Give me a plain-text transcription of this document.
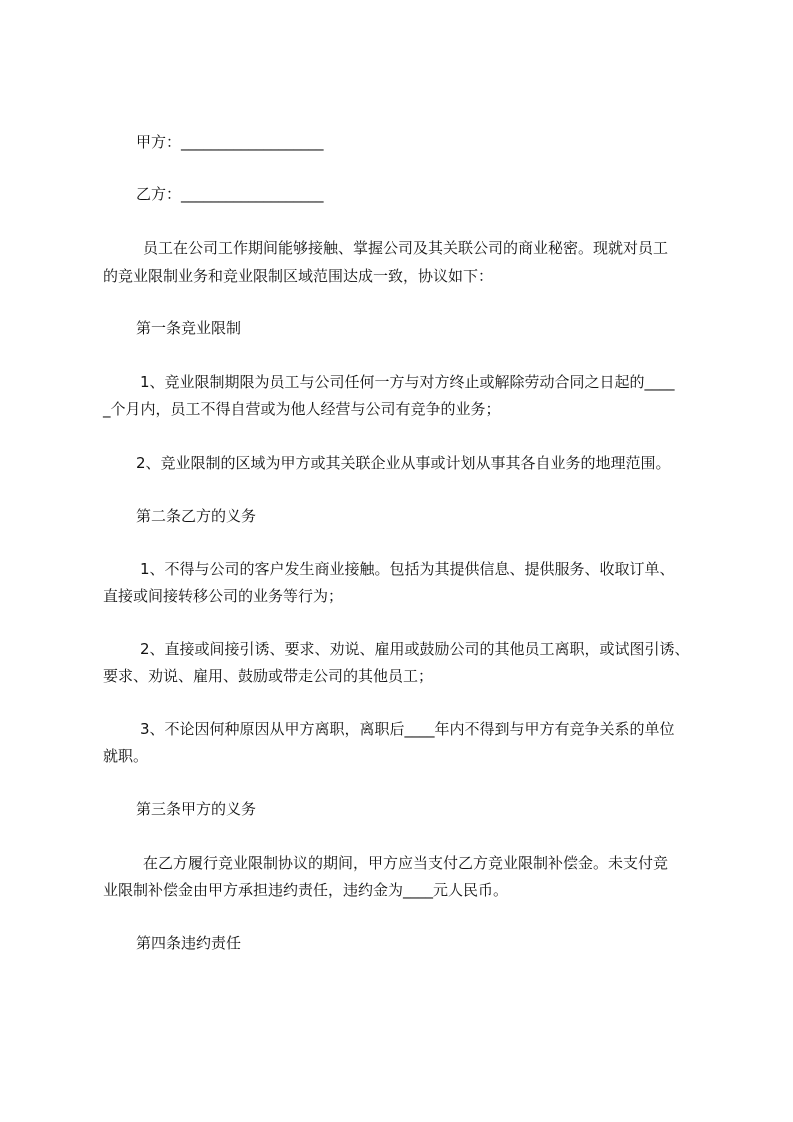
甲方：___________________
乙方：___________________
员工在公司工作期间能够接触、掌握公司及其关联公司的商业秘密。现就对员工
的竞业限制业务和竞业限制区域范围达成一致，协议如下：
第一条竞业限制
1、竞业限制期限为员工与公司任何一方与对方终止或解除劳动合同之日起的____
_个月内，员工不得自营或为他人经营与公司有竞争的业务；
2、竞业限制的区域为甲方或其关联企业从事或计划从事其各自业务的地理范围。
第二条乙方的义务
1、不得与公司的客户发生商业接触。包括为其提供信息、提供服务、收取订单、
直接或间接转移公司的业务等行为；
2、直接或间接引诱、要求、劝说、雇用或鼓励公司的其他员工离职，或试图引诱、
要求、劝说、雇用、鼓励或带走公司的其他员工；
3、不论因何种原因从甲方离职，离职后____年内不得到与甲方有竞争关系的单位
就职。
第三条甲方的义务
在乙方履行竞业限制协议的期间，甲方应当支付乙方竞业限制补偿金。未支付竞
业限制补偿金由甲方承担违约责任，违约金为____元人民币。
第四条违约责任
